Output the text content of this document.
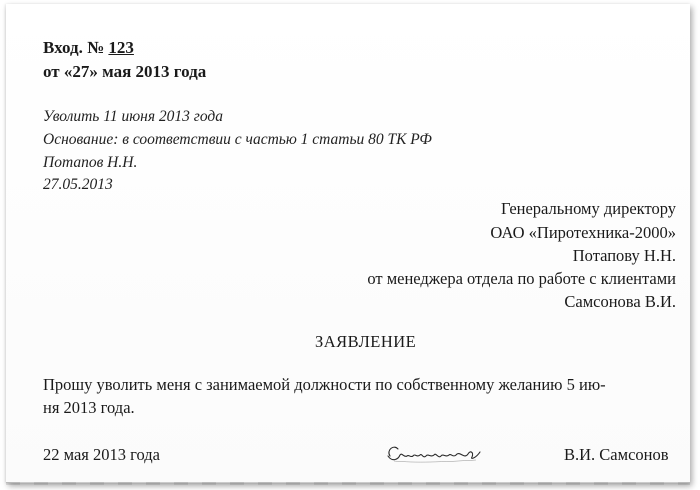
Вход. № 123
от «27» мая 2013 года
Уволить 11 июня 2013 года
Основание: в соответствии с частью 1 статьи 80 ТК РФ
Потапов Н.Н.
27.05.2013
Генеральному директору
ОАО «Пиротехника-2000»
Потапову Н.Н.
от менеджера отдела по работе с клиентами
Самсонова В.И.
ЗАЯВЛЕНИЕ
Прошу уволить меня с занимаемой должности по собственному желанию 5 ию-
ня 2013 года.
22 мая 2013 года	В.И. Самсонов
